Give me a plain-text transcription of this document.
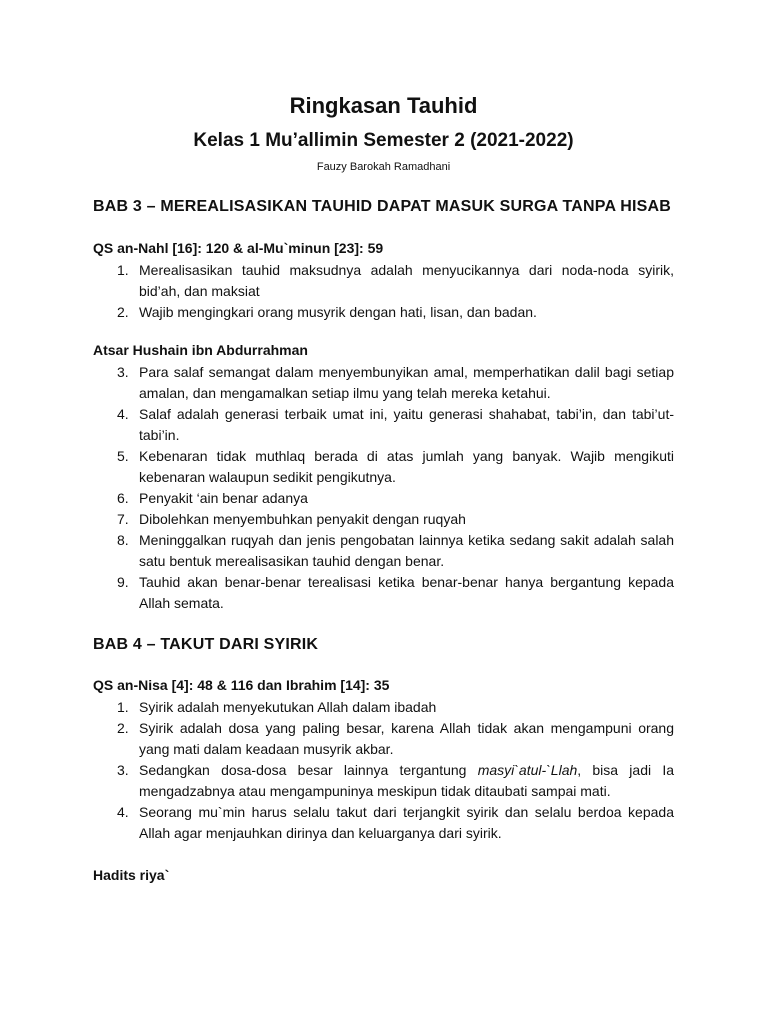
Ringkasan Tauhid
Kelas 1 Mu’allimin Semester 2 (2021-2022)

Fauzy Barokah Ramadhani

BAB 3 – MEREALISASIKAN TAUHID DAPAT MASUK SURGA TANPA HISAB

QS an-Nahl [16]: 120 & al-Mu`minun [23]: 59

1. Merealisasikan tauhid maksudnya adalah menyucikannya dari noda-noda syirik, bid’ah, dan maksiat
2. Wajib mengingkari orang musyrik dengan hati, lisan, dan badan.

Atsar Hushain ibn Abdurrahman

3. Para salaf semangat dalam menyembunyikan amal, memperhatikan dalil bagi setiap amalan, dan mengamalkan setiap ilmu yang telah mereka ketahui.
4. Salaf adalah generasi terbaik umat ini, yaitu generasi shahabat, tabi’in, dan tabi’ut-tabi’in.
5. Kebenaran tidak muthlaq berada di atas jumlah yang banyak. Wajib mengikuti kebenaran walaupun sedikit pengikutnya.
6. Penyakit ‘ain benar adanya
7. Dibolehkan menyembuhkan penyakit dengan ruqyah
8. Meninggalkan ruqyah dan jenis pengobatan lainnya ketika sedang sakit adalah salah satu bentuk merealisasikan tauhid dengan benar.
9. Tauhid akan benar-benar terealisasi ketika benar-benar hanya bergantung kepada Allah semata.
BAB 4 – TAKUT DARI SYIRIK

QS an-Nisa [4]: 48 & 116 dan Ibrahim [14]: 35

1. Syirik adalah menyekutukan Allah dalam ibadah
2. Syirik adalah dosa yang paling besar, karena Allah tidak akan mengampuni orang yang mati dalam keadaan musyrik akbar.
3. Sedangkan dosa-dosa besar lainnya tergantung masyi`atul-`Llah, bisa jadi Ia mengadzabnya atau mengampuninya meskipun tidak ditaubati sampai mati.
4. Seorang mu`min harus selalu takut dari terjangkit syirik dan selalu berdoa kepada Allah agar menjauhkan dirinya dan keluarganya dari syirik.

Hadits riya`
